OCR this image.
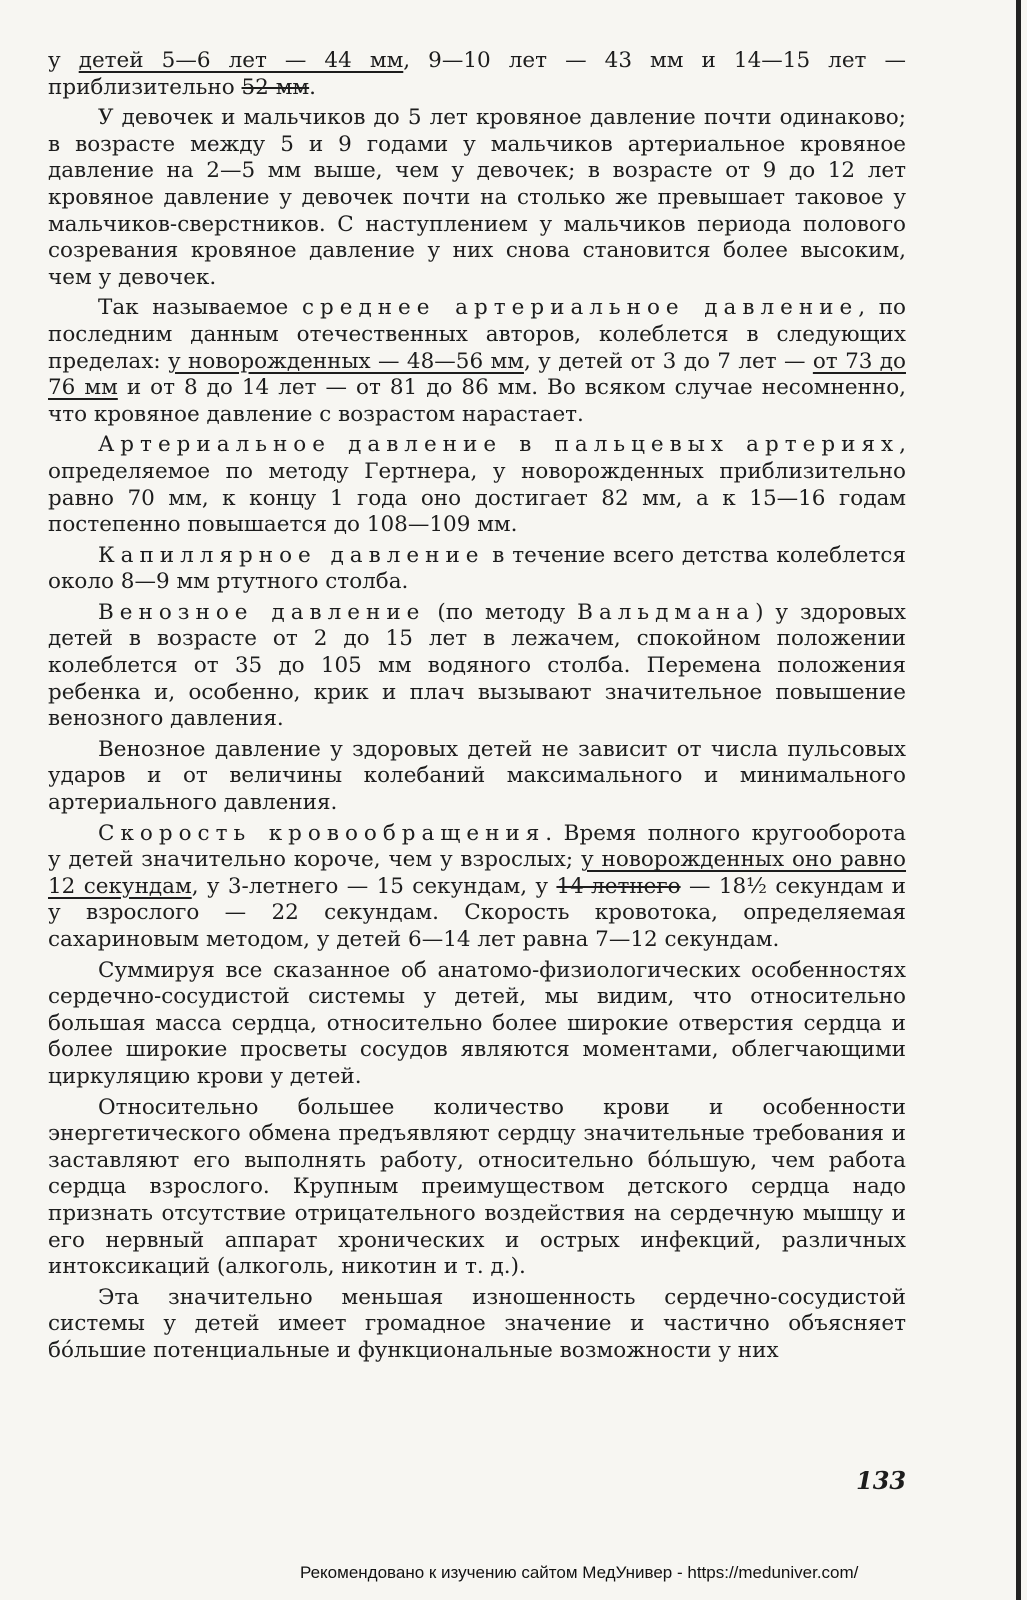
у детей 5—6 лет — 44 мм, 9—10 лет — 43 мм и 14—15 лет — приблизительно 52 мм.

У девочек и мальчиков до 5 лет кровяное давление почти одинаково; в возрасте между 5 и 9 годами у мальчиков артериальное кровяное давление на 2—5 мм выше, чем у девочек; в возрасте от 9 до 12 лет кровяное давление у девочек почти на столько же превышает таковое у мальчиков-сверстников. С наступлением у мальчиков периода полового созревания кровяное давление у них снова становится более высоким, чем у девочек.

Так называемое среднее артериальное давление, по последним данным отечественных авторов, колеблется в следующих пределах: у новорожденных — 48—56 мм, у детей от 3 до 7 лет — от 73 до 76 мм и от 8 до 14 лет — от 81 до 86 мм. Во всяком случае несомненно, что кровяное давление с возрастом нарастает.

Артериальное давление в пальцевых артериях, определяемое по методу Гертнера, у новорожденных приблизительно равно 70 мм, к концу 1 года оно достигает 82 мм, а к 15—16 годам постепенно повышается до 108—109 мм.

Капиллярное давление в течение всего детства колеблется около 8—9 мм ртутного столба.

Венозное давление (по методу Вальдмана) у здоровых детей в возрасте от 2 до 15 лет в лежачем, спокойном положении колеблется от 35 до 105 мм водяного столба. Перемена положения ребенка и, особенно, крик и плач вызывают значительное повышение венозного давления.

Венозное давление у здоровых детей не зависит от числа пульсовых ударов и от величины колебаний максимального и минимального артериального давления.

Скорость кровообращения. Время полного кругооборота у детей значительно короче, чем у взрослых; у новорожденных оно равно 12 секундам, у 3-летнего — 15 секундам, у 14-летнего — 18½ секундам и у взрослого — 22 секундам. Скорость кровотока, определяемая сахариновым методом, у детей 6—14 лет равна 7—12 секундам.

Суммируя все сказанное об анатомо-физиологических особенностях сердечно-сосудистой системы у детей, мы видим, что относительно большая масса сердца, относительно более широкие отверстия сердца и более широкие просветы сосудов являются моментами, облегчающими циркуляцию крови у детей.

Относительно большее количество крови и особенности энергетического обмена предъявляют сердцу значительные требования и заставляют его выполнять работу, относительно бóльшую, чем работа сердца взрослого. Крупным преимуществом детского сердца надо признать отсутствие отрицательного воздействия на сердечную мышцу и его нервный аппарат хронических и острых инфекций, различных интоксикаций (алкоголь, никотин и т. д.).

Эта значительно меньшая изношенность сердечно-сосудистой системы у детей имеет громадное значение и частично объясняет бóльшие потенциальные и функциональные возможности у них

133
Рекомендовано к изучению сайтом МедУнивер - https://meduniver.com/
